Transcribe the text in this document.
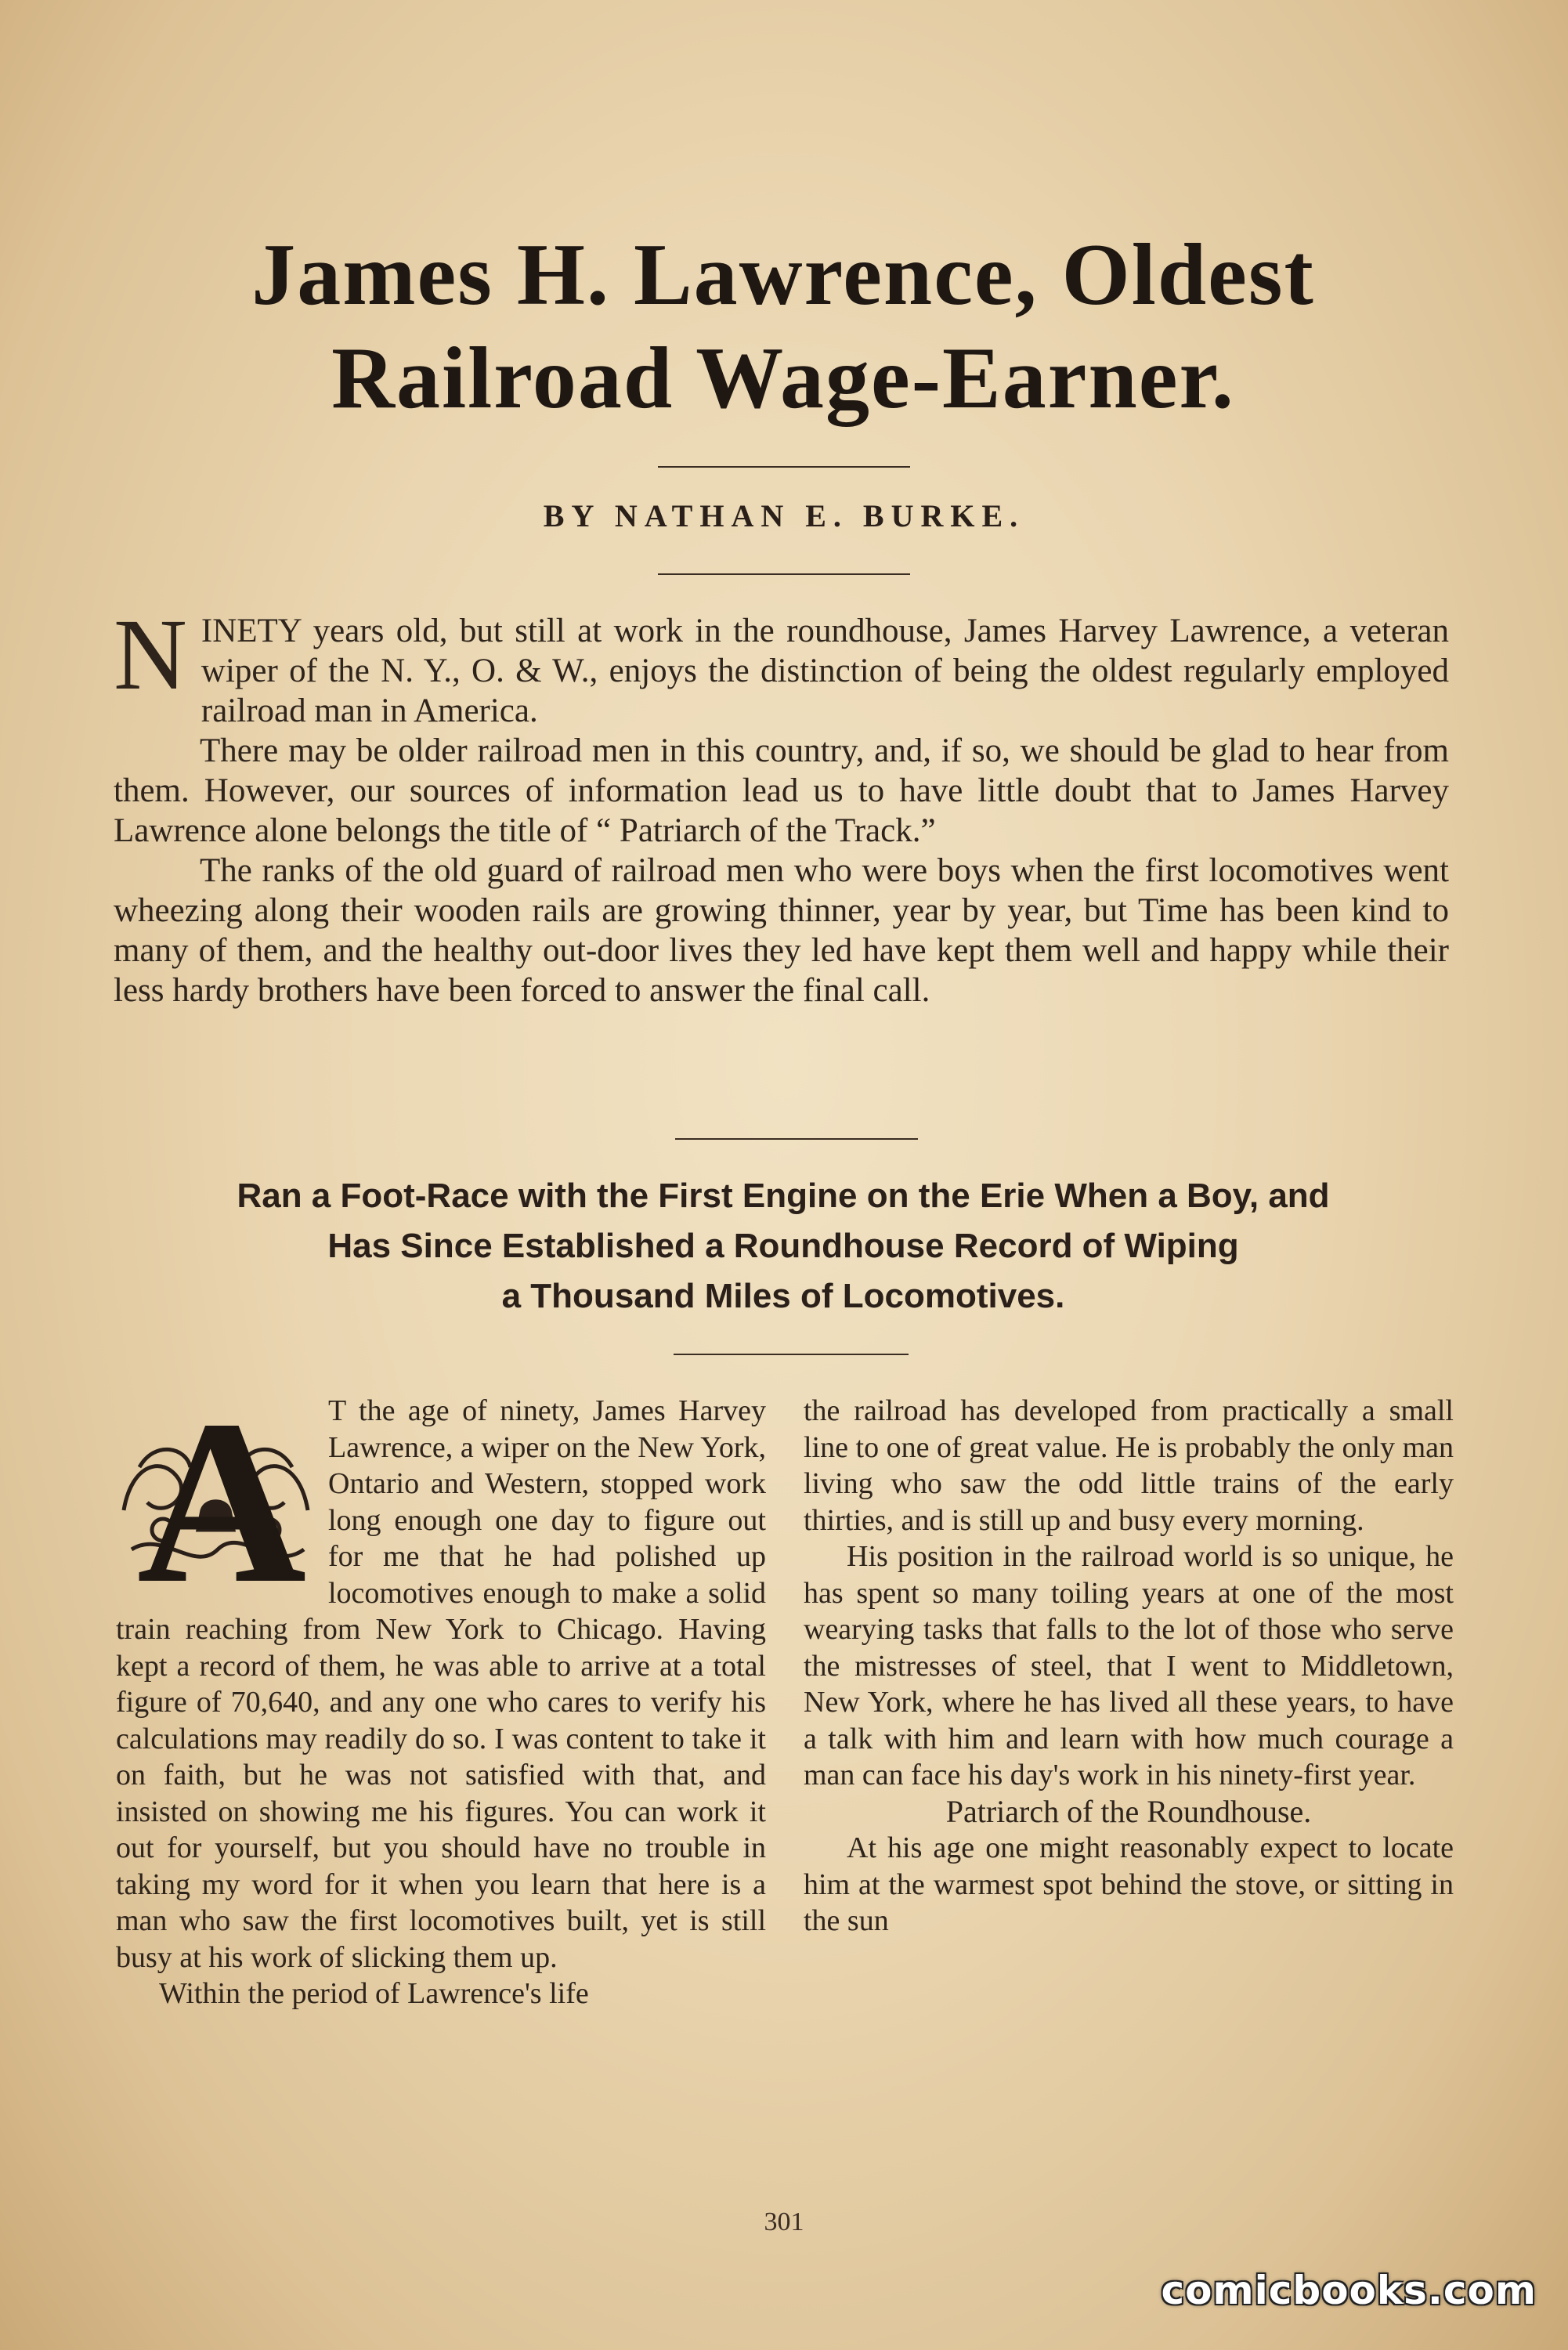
James H. Lawrence, Oldest
Railroad Wage-Earner.
BY NATHAN E. BURKE.

NINETY years old, but still at work in the roundhouse, James Harvey Lawrence, a veteran wiper of the N. Y., O. & W., enjoys the distinction of being the oldest regularly employed railroad man in America.

There may be older railroad men in this country, and, if so, we should be glad to hear from them. However, our sources of information lead us to have little doubt that to James Harvey Lawrence alone belongs the title of “ Patriarch of the Track.”

The ranks of the old guard of railroad men who were boys when the first locomotives went wheezing along their wooden rails are growing thinner, year by year, but Time has been kind to many of them, and the healthy out-door lives they led have kept them well and happy while their less hardy brothers have been forced to answer the final call.

Ran a Foot-Race with the First Engine on the Erie When a Boy, and
Has Since Established a Roundhouse Record of Wiping
a Thousand Miles of Locomotives.
A T the age of ninety, James Harvey Lawrence, a wiper on the New York, Ontario and Western, stopped work long enough one day to figure out for me that he had polished up locomotives enough to make a solid train reaching from New York to Chicago. Having kept a record of them, he was able to arrive at a total figure of 70,640, and any one who cares to verify his calculations may readily do so. I was content to take it on faith, but he was not satisfied with that, and insisted on showing me his figures. You can work it out for yourself, but you should have no trouble in taking my word for it when you learn that here is a man who saw the first locomotives built, yet is still busy at his work of slicking them up.

Within the period of Lawrence's life

the railroad has developed from practically a small line to one of great value. He is probably the only man living who saw the odd little trains of the early thirties, and is still up and busy every morning.

His position in the railroad world is so unique, he has spent so many toiling years at one of the most wearying tasks that falls to the lot of those who serve the mistresses of steel, that I went to Middletown, New York, where he has lived all these years, to have a talk with him and learn with how much courage a man can face his day's work in his ninety-first year.

Patriarch of the Roundhouse.

At his age one might reasonably expect to locate him at the warmest spot behind the stove, or sitting in the sun

301
comicbooks.com
